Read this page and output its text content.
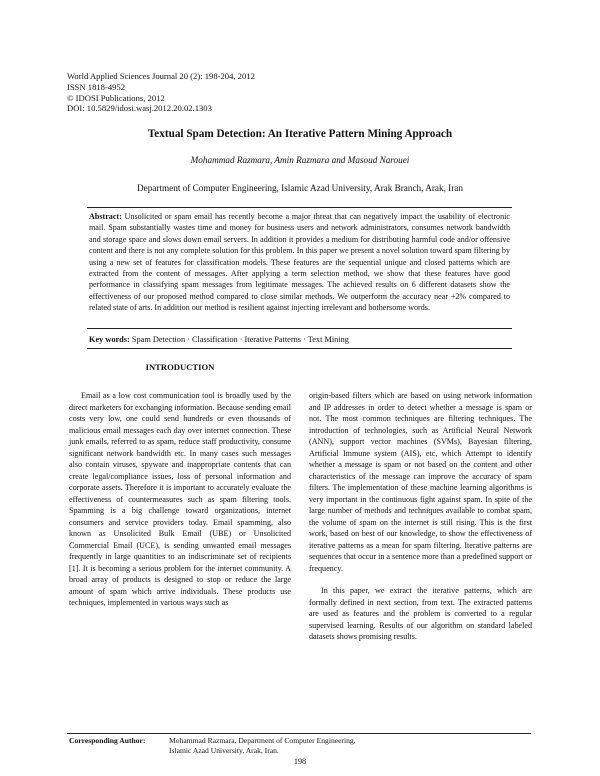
World Applied Sciences Journal 20 (2): 198-204, 2012
ISSN 1818-4952
© IDOSI Publications, 2012
DOI: 10.5829/idosi.wasj.2012.20.02.1303
Textual Spam Detection: An Iterative Pattern Mining Approach
Mohammad Razmara, Amin Razmara and Masoud Narouei
Department of Computer Engineering, Islamic Azad University, Arak Branch, Arak, Iran
Abstract: Unsolicited or spam email has recently become a major threat that can negatively impact the usability of electronic mail. Spam substantially wastes time and money for business users and network administrators, consumes network bandwidth and storage space and slows down email servers. In addition it provides a medium for distributing harmful code and/or offensive content and there is not any complete solution for this problem. In this paper we present a novel solution toward spam filtering by using a new set of features for classification models. These features are the sequential unique and closed patterns which are extracted from the content of messages. After applying a term selection method, we show that these features have good performance in classifying spam messages from legitimate messages. The achieved results on 6 different datasets show the effectiveness of our proposed method compared to close similar methods. We outperform the accuracy near +2% compared to related state of arts. In addition our method is resilient against injecting irrelevant and bothersome words.
Key words: Spam Detection · Classification · Iterative Patterns · Text Mining
INTRODUCTION

Email as a low cost communication tool is broadly used by the direct marketers for exchanging information. Because sending email costs very low, one could send hundreds or even thousands of malicious email messages each day over internet connection. These junk emails, referred to as spam, reduce staff productivity, consume significant network bandwidth etc. In many cases such messages also contain viruses, spyware and inappropriate contents that can create legal/compliance issues, loss of personal information and corporate assets. Therefore it is important to accurately evaluate the effectiveness of countermeasures such as spam filtering tools. Spamming is a big challenge toward organizations, internet consumers and service providers today. Email spamming, also known as Unsolicited Bulk Email (UBE) or Unsolicited Commercial Email (UCE), is sending unwanted email messages frequently in large quantities to an indiscriminate set of recipients [1]. It is becoming a serious problem for the internet community. A broad array of products is designed to stop or reduce the large amount of spam which arrive individuals. These products use techniques, implemented in various ways such as

origin-based filters which are based on using network information and IP addresses in order to detect whether a message is spam or not. The most common techniques are filtering techniques. The introduction of technologies, such as Artificial Neural Network (ANN), support vector machines (SVMs), Bayesian filtering, Artificial Immune system (AIS), etc, which Attempt to identify whether a message is spam or not based on the content and other characteristics of the message can improve the accuracy of spam filters. The implementation of these machine learning algorithms is very important in the continuous fight against spam. In spite of the large number of methods and techniques available to combat spam, the volume of spam on the internet is still rising. This is the first work, based on best of our knowledge, to show the effectiveness of iterative patterns as a mean for spam filtering. Iterative patterns are sequences that occur in a sentence more than a predefined support or frequency.

In this paper, we extract the iterative patterns, which are formally defined in next section, from text. The extracted patterns are used as features and the problem is converted to a regular supervised learning. Results of our algorithm on standard labeled datasets shows promising results.

Corresponding Author:	Mohammad Razmara, Department of Computer Engineering,
Islamic Azad University, Arak, Iran.
198
